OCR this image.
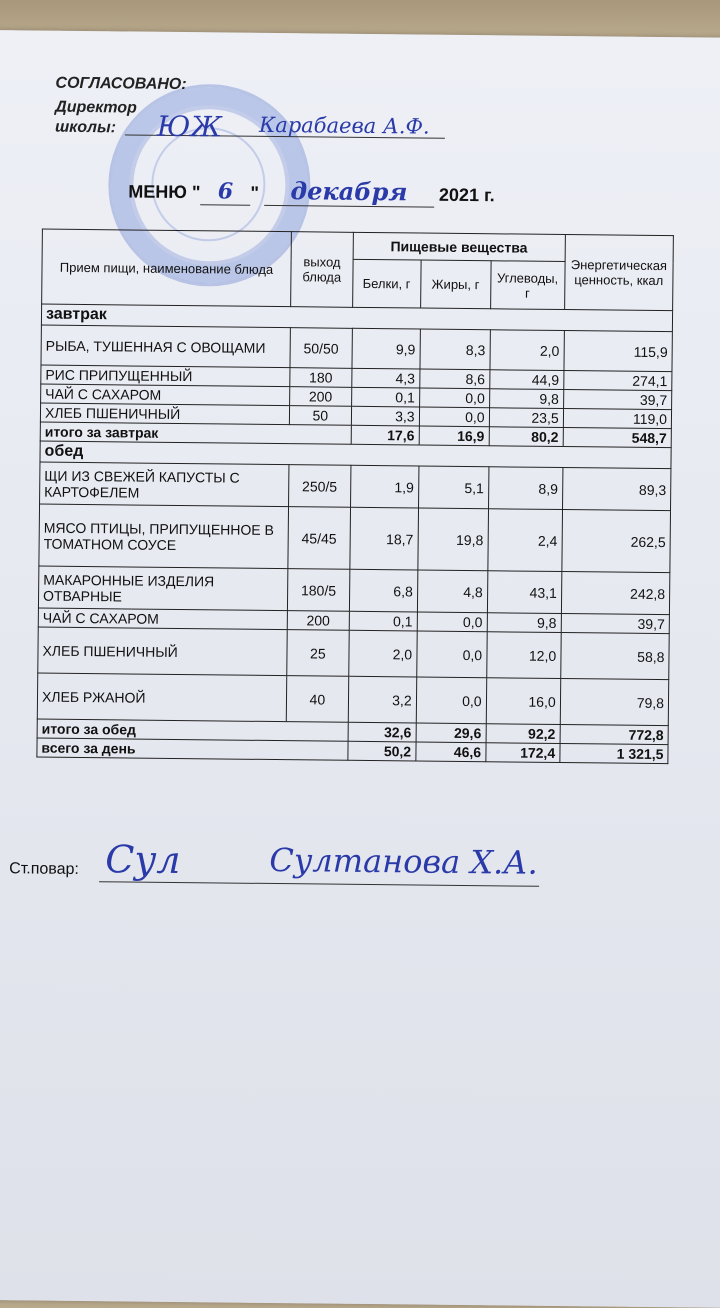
СОГЛАСОВАНО:
Директор
школы: ЮЖ Карабаева А.Ф.
МЕНЮ " 6 " декабря 2021 г.
Прием пищи, наименование блюда	выход блюда	Пищевые вещества			Энергетическая ценность, ккал
		Белки, г	Жиры, г	Углеводы, г	
завтрак					
РЫБА, ТУШЕННАЯ С ОВОЩАМИ	50/50	9,9	8,3	2,0	115,9
РИС ПРИПУЩЕННЫЙ	180	4,3	8,6	44,9	274,1
ЧАЙ С САХАРОМ	200	0,1	0,0	9,8	39,7
ХЛЕБ ПШЕНИЧНЫЙ	50	3,3	0,0	23,5	119,0
итого за завтрак		17,6	16,9	80,2	548,7
обед					
ЩИ ИЗ СВЕЖЕЙ КАПУСТЫ С КАРТОФЕЛЕМ	250/5	1,9	5,1	8,9	89,3
МЯСО ПТИЦЫ, ПРИПУЩЕННОЕ В ТОМАТНОМ СОУСЕ	45/45	18,7	19,8	2,4	262,5
МАКАРОННЫЕ ИЗДЕЛИЯ ОТВАРНЫЕ	180/5	6,8	4,8	43,1	242,8
ЧАЙ С САХАРОМ	200	0,1	0,0	9,8	39,7
ХЛЕБ ПШЕНИЧНЫЙ	25	2,0	0,0	12,0	58,8
ХЛЕБ РЖАНОЙ	40	3,2	0,0	16,0	79,8
итого за обед		32,6	29,6	92,2	772,8
всего за день		50,2	46,6	172,4	1 321,5
Ст.повар: Сул	Султанова Х.А.
